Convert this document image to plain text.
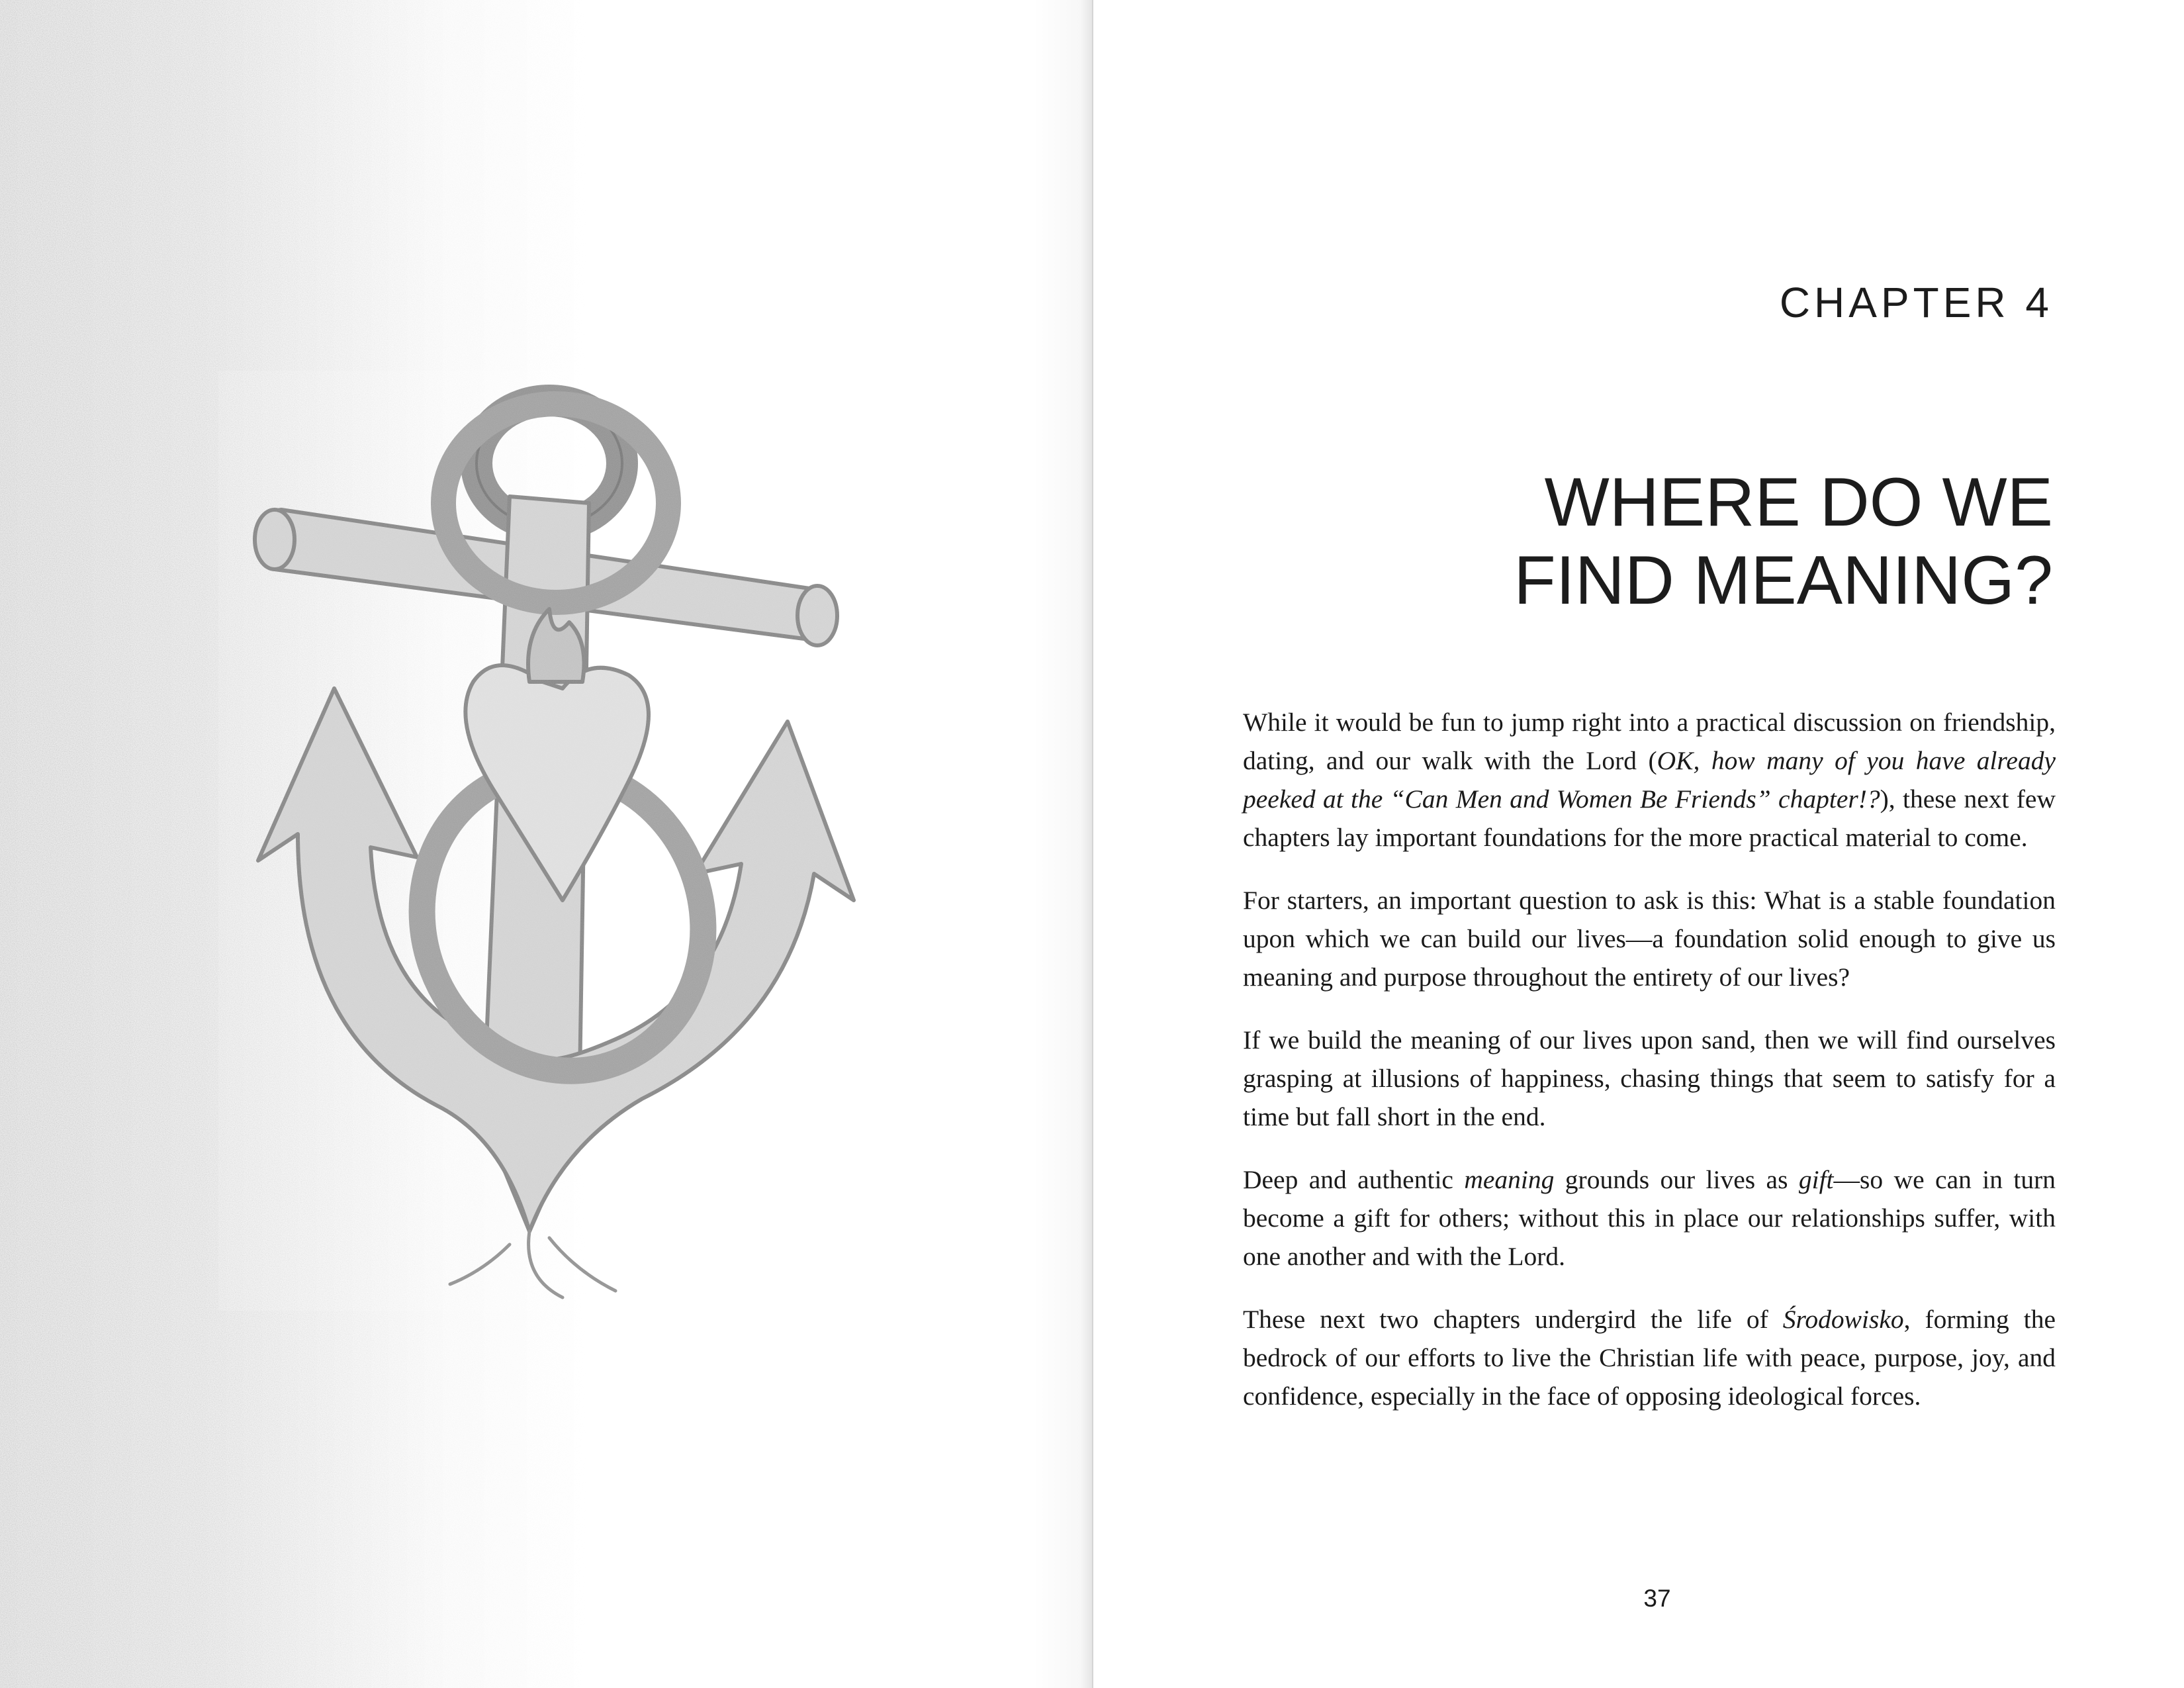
CHAPTER 4
WHERE DO WE
FIND MEANING?

While it would be fun to jump right into a practical discussion on friendship, dating, and our walk with the Lord (OK, how many of you have already peeked at the “Can Men and Women Be Friends” chapter!?), these next few chapters lay important foundations for the more practical material to come.

For starters, an important question to ask is this: What is a stable foundation upon which we can build our lives—a foundation solid enough to give us meaning and purpose throughout the entirety of our lives?

If we build the meaning of our lives upon sand, then we will find ourselves grasping at illusions of happiness, chasing things that seem to satisfy for a time but fall short in the end.

Deep and authentic meaning grounds our lives as gift—so we can in turn become a gift for others; without this in place our relationships suffer, with one another and with the Lord.

These next two chapters undergird the life of Środowisko, forming the bedrock of our efforts to live the Christian life with peace, purpose, joy, and confidence, especially in the face of opposing ideological forces.

37
